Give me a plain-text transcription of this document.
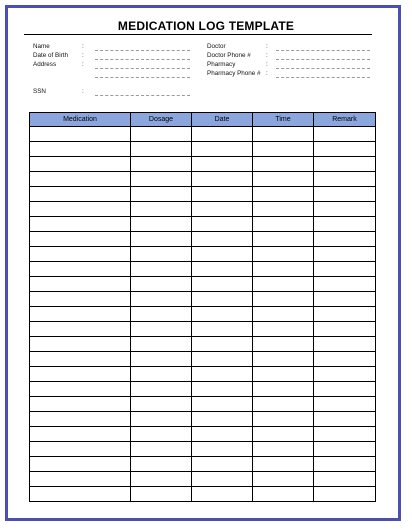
MEDICATION LOG TEMPLATE
Name	:
Date of Birth :
Address	:
SSN	:
Doctor	:
Doctor Phone # :
Pharmacy	:
Pharmacy Phone # :
Medication	Dosage	Date	Time	Remark
